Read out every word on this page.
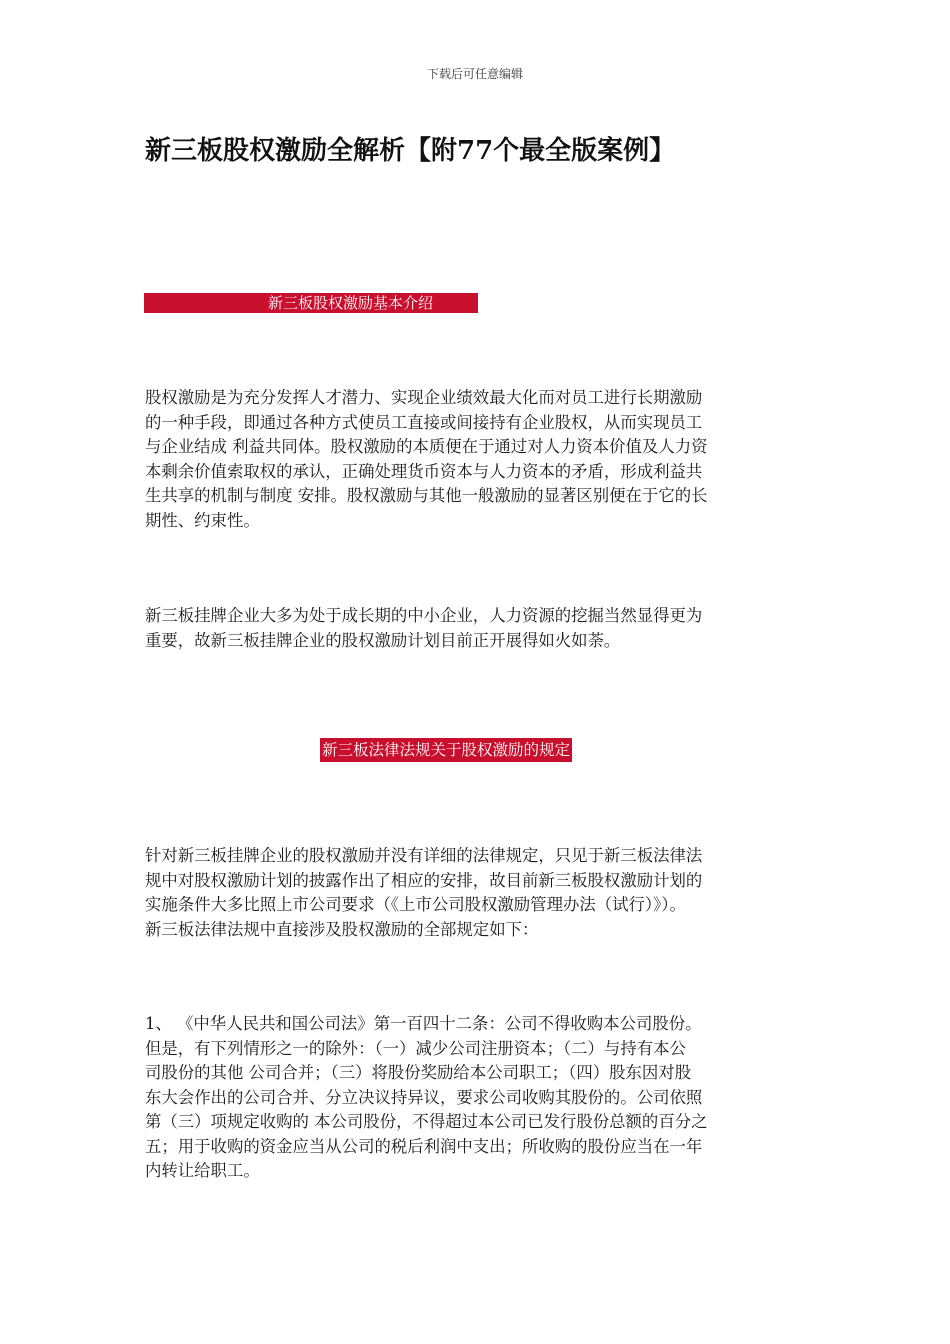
下载后可任意编辑
新三板股权激励全解析【附77个最全版案例】
新三板股权激励基本介绍
股权激励是为充分发挥人才潜力、实现企业绩效最大化而对员工进行长期激励
的一种手段，即通过各种方式使员工直接或间接持有企业股权，从而实现员工
与企业结成 利益共同体。股权激励的本质便在于通过对人力资本价值及人力资
本剩余价值索取权的承认，正确处理货币资本与人力资本的矛盾，形成利益共
生共享的机制与制度 安排。股权激励与其他一般激励的显著区别便在于它的长
期性、约束性。
新三板挂牌企业大多为处于成长期的中小企业，人力资源的挖掘当然显得更为
重要，故新三板挂牌企业的股权激励计划目前正开展得如火如荼。
新三板法律法规关于股权激励的规定
针对新三板挂牌企业的股权激励并没有详细的法律规定，只见于新三板法律法
规中对股权激励计划的披露作出了相应的安排，故目前新三板股权激励计划的
实施条件大多比照上市公司要求（《上市公司股权激励管理办法（试行）》）。
新三板法律法规中直接涉及股权激励的全部规定如下：
1、 《中华人民共和国公司法》第一百四十二条：公司不得收购本公司股份。
但是，有下列情形之一的除外：（一）减少公司注册资本；（二）与持有本公
司股份的其他 公司合并；（三）将股份奖励给本公司职工；（四）股东因对股
东大会作出的公司合并、分立决议持异议，要求公司收购其股份的。公司依照
第（三）项规定收购的 本公司股份，不得超过本公司已发行股份总额的百分之
五；用于收购的资金应当从公司的税后利润中支出；所收购的股份应当在一年
内转让给职工。
